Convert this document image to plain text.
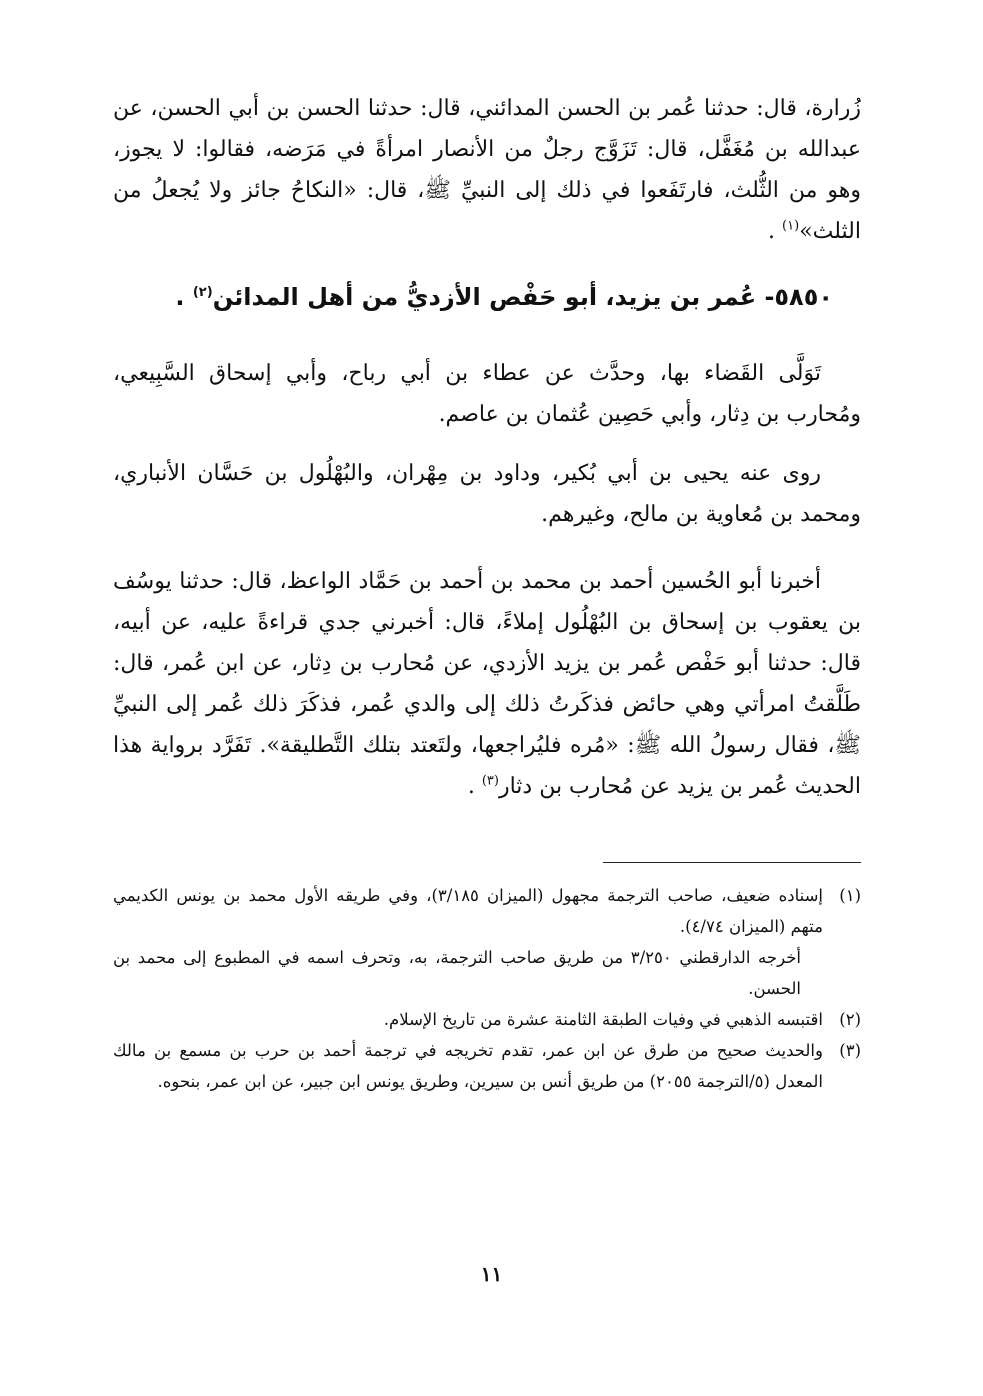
زُرارة، قال: حدثنا عُمر بن الحسن المدائني، قال: حدثنا الحسن بن أبي الحسن، عن عبدالله بن مُغَفَّل، قال: تَزَوَّج رجلٌ من الأنصار امرأةً في مَرَضه، فقالوا: لا يجوز، وهو من الثُّلث، فارتَفَعوا في ذلك إلى النبيِّ ﷺ، قال: «النكاحُ جائز ولا يُجعلُ من الثلث»$^{(١)}$ .
٥٨٥٠- عُمر بن يزيد، أبو حَفْص الأزديُّ من أهل المدائن$^{(٢)}$ .
تَوَلَّى القَضاء بها، وحدَّث عن عطاء بن أبي رباح، وأبي إسحاق السَّبِيعي، ومُحارب بن دِثار، وأبي حَصِين عُثمان بن عاصم.
روى عنه يحيى بن أبي بُكير، وداود بن مِهْران، والبُهْلُول بن حَسَّان الأنباري، ومحمد بن مُعاوية بن مالح، وغيرهم.
أخبرنا أبو الحُسين أحمد بن محمد بن أحمد بن حَمَّاد الواعظ، قال: حدثنا يوسُف بن يعقوب بن إسحاق بن البُهْلُول إملاءً، قال: أخبرني جدي قراءةً عليه، عن أبيه، قال: حدثنا أبو حَفْص عُمر بن يزيد الأزدي، عن مُحارب بن دِثار، عن ابن عُمر، قال: طَلَّقتُ امرأتي وهي حائض فذكَرتُ ذلك إلى والدي عُمر، فذكَرَ ذلك عُمر إلى النبيِّ ﷺ، فقال رسولُ الله ﷺ: «مُره فليُراجعها، ولتَعتد بتلك التَّطليقة». تَفَرَّد برواية هذا الحديث عُمر بن يزيد عن مُحارب بن دثار$^{(٣)}$ .
(١)
إسناده ضعيف، صاحب الترجمة مجهول (الميزان ٣/١٨٥)، وفي طريقه الأول محمد بن يونس الكديمي متهم (الميزان ٤/٧٤).
أخرجه الدارقطني ٣/٢٥٠ من طريق صاحب الترجمة، به، وتحرف اسمه في المطبوع إلى محمد بن الحسن.
(٢)
اقتبسه الذهبي في وفيات الطبقة الثامنة عشرة من تاريخ الإسلام.
(٣)
والحديث صحيح من طرق عن ابن عمر، تقدم تخريجه في ترجمة أحمد بن حرب بن مسمع بن مالك المعدل (٥/الترجمة ٢٠٥٥) من طريق أنس بن سيرين، وطريق يونس ابن جبير، عن ابن عمر، بنحوه.
١١
